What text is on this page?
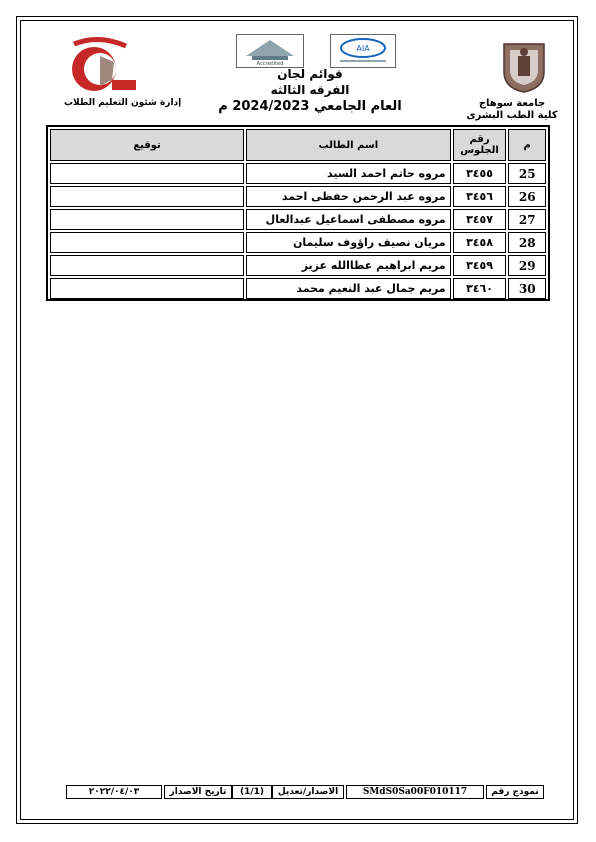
إدارة شئون التعليم الطلاب
Accredited
AIA
قوائم لجان
الفرقه الثالثه
العام الجامعي 2024/2023 م	جامعة سوهاج
كلية الطب البشرى
م	رقم الجلوس	اسم الطالب	توقيع
25	٣٤٥٥	مروه حاتم احمد السيد	
26	٣٤٥٦	مروه عبد الرحمن حفظى احمد	
27	٣٤٥٧	مروه مصطفى اسماعيل عبدالعال	
28	٣٤٥٨	مريان نصيف راؤوف سليمان	
29	٣٤٥٩	مريم ابراهيم عطاالله عزيز	
30	٣٤٦٠	مريم جمال عبد النعيم محمد	
نموذج رقم
SMdS0Sa00F010117
الاصدار/تعديل
(1/1)
تاريخ الاصدار
٢٠٢٢/٠٤/٠٣
